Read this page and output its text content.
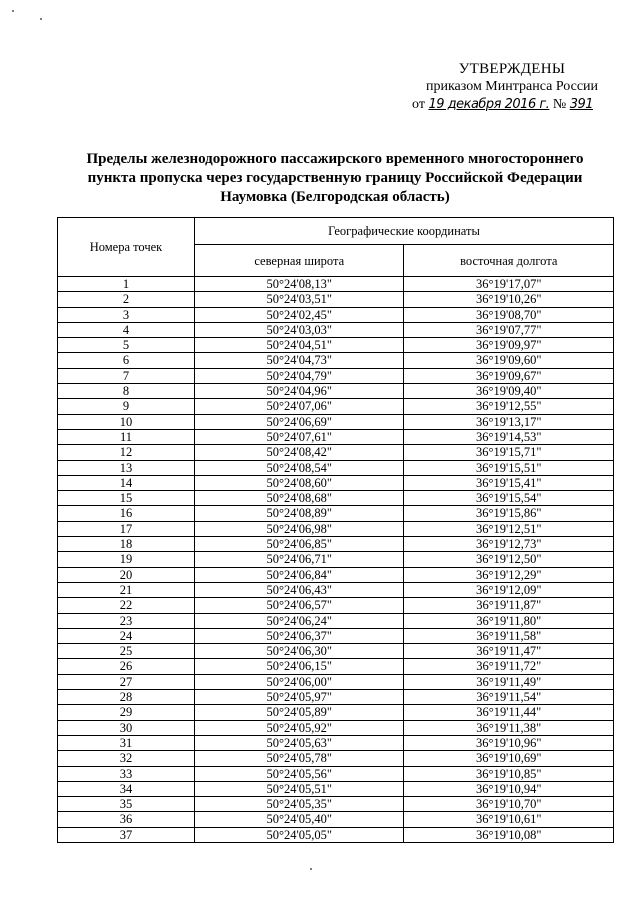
УТВЕРЖДЕНЫ
приказом Минтранса России
от 19 декабря 2016 г. № 391
Пределы железнодорожного пассажирского временного многостороннего пункта пропуска через государственную границу Российской Федерации Наумовка (Белгородская область)
Номера точек	Географические координаты	
	северная широта	восточная долгота
1	50°24'08,13"	36°19'17,07"
2	50°24'03,51"	36°19'10,26"
3	50°24'02,45"	36°19'08,70"
4	50°24'03,03"	36°19'07,77"
5	50°24'04,51"	36°19'09,97"
6	50°24'04,73"	36°19'09,60"
7	50°24'04,79"	36°19'09,67"
8	50°24'04,96"	36°19'09,40"
9	50°24'07,06"	36°19'12,55"
10	50°24'06,69"	36°19'13,17"
11	50°24'07,61"	36°19'14,53"
12	50°24'08,42"	36°19'15,71"
13	50°24'08,54"	36°19'15,51"
14	50°24'08,60"	36°19'15,41"
15	50°24'08,68"	36°19'15,54"
16	50°24'08,89"	36°19'15,86"
17	50°24'06,98"	36°19'12,51"
18	50°24'06,85"	36°19'12,73"
19	50°24'06,71"	36°19'12,50"
20	50°24'06,84"	36°19'12,29"
21	50°24'06,43"	36°19'12,09"
22	50°24'06,57"	36°19'11,87"
23	50°24'06,24"	36°19'11,80"
24	50°24'06,37"	36°19'11,58"
25	50°24'06,30"	36°19'11,47"
26	50°24'06,15"	36°19'11,72"
27	50°24'06,00"	36°19'11,49"
28	50°24'05,97"	36°19'11,54"
29	50°24'05,89"	36°19'11,44"
30	50°24'05,92"	36°19'11,38"
31	50°24'05,63"	36°19'10,96"
32	50°24'05,78"	36°19'10,69"
33	50°24'05,56"	36°19'10,85"
34	50°24'05,51"	36°19'10,94"
35	50°24'05,35"	36°19'10,70"
36	50°24'05,40"	36°19'10,61"
37	50°24'05,05"	36°19'10,08"
